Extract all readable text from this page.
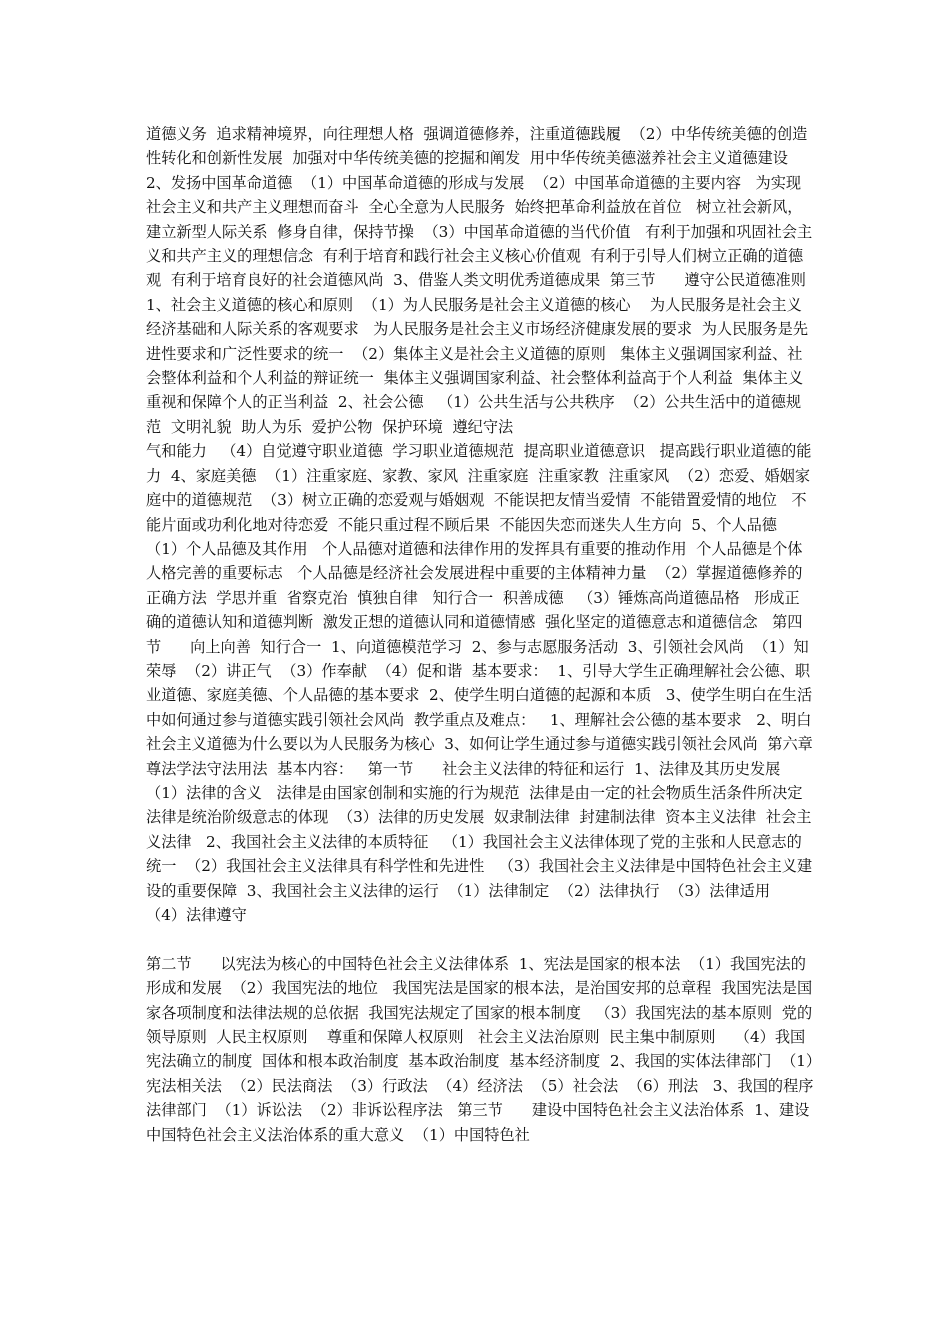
道德义务  追求精神境界，向往理想人格  强调道德修养，注重道德践履  （2）中华传统美德的创造性转化和创新性发展  加强对中华传统美德的挖掘和阐发  用中华传统美德滋养社会主义道德建设  2、发扬中国革命道德  （1）中国革命道德的形成与发展  （2）中国革命道德的主要内容   为实现社会主义和共产主义理想而奋斗  全心全意为人民服务  始终把革命利益放在首位   树立社会新风，建立新型人际关系  修身自律，保持节操  （3）中国革命道德的当代价值   有利于加强和巩固社会主义和共产主义的理想信念  有利于培育和践行社会主义核心价值观  有利于引导人们树立正确的道德观  有利于培育良好的社会道德风尚  3、借鉴人类文明优秀道德成果  第三节      遵守公民道德准则  1、社会主义道德的核心和原则  （1）为人民服务是社会主义道德的核心    为人民服务是社会主义经济基础和人际关系的客观要求   为人民服务是社会主义市场经济健康发展的要求  为人民服务是先进性要求和广泛性要求的统一  （2）集体主义是社会主义道德的原则   集体主义强调国家利益、社会整体利益和个人利益的辩证统一  集体主义强调国家利益、社会整体利益高于个人利益  集体主义重视和保障个人的正当利益  2、社会公德   （1）公共生活与公共秩序  （2）公共生活中的道德规范  文明礼貌  助人为乐  爱护公物  保护环境  遵纪守法

气和能力   （4）自觉遵守职业道德  学习职业道德规范  提高职业道德意识   提高践行职业道德的能力  4、家庭美德  （1）注重家庭、家教、家风  注重家庭  注重家教  注重家风  （2）恋爱、婚姻家庭中的道德规范  （3）树立正确的恋爱观与婚姻观  不能误把友情当爱情  不能错置爱情的地位   不能片面或功利化地对待恋爱  不能只重过程不顾后果  不能因失恋而迷失人生方向  5、个人品德   （1）个人品德及其作用   个人品德对道德和法律作用的发挥具有重要的推动作用  个人品德是个体人格完善的重要标志   个人品德是经济社会发展进程中重要的主体精神力量  （2）掌握道德修养的正确方法  学思并重  省察克治  慎独自律   知行合一  积善成德   （3）锤炼高尚道德品格   形成正确的道德认知和道德判断  激发正想的道德认同和道德情感  强化坚定的道德意志和道德信念   第四节      向上向善  知行合一  1、向道德模范学习  2、参与志愿服务活动  3、引领社会风尚  （1）知荣辱  （2）讲正气  （3）作奉献  （4）促和谐  基本要求：  1、引导大学生正确理解社会公德、职业道德、家庭美德、个人品德的基本要求  2、使学生明白道德的起源和本质   3、使学生明白在生活中如何通过参与道德实践引领社会风尚  教学重点及难点：   1、理解社会公德的基本要求   2、明白社会主义道德为什么要以为人民服务为核心  3、如何让学生通过参与道德实践引领社会风尚  第六章    尊法学法守法用法  基本内容：   第一节      社会主义法律的特征和运行  1、法律及其历史发展  （1）法律的含义   法律是由国家创制和实施的行为规范  法律是由一定的社会物质生活条件所决定  法律是统治阶级意志的体现  （3）法律的历史发展  奴隶制法律  封建制法律  资本主义法律  社会主义法律   2、我国社会主义法律的本质特征   （1）我国社会主义法律体现了党的主张和人民意志的统一  （2）我国社会主义法律具有科学性和先进性   （3）我国社会主义法律是中国特色社会主义建设的重要保障  3、我国社会主义法律的运行  （1）法律制定  （2）法律执行  （3）法律适用   （4）法律遵守

第二节      以宪法为核心的中国特色社会主义法律体系  1、宪法是国家的根本法  （1）我国宪法的形成和发展  （2）我国宪法的地位   我国宪法是国家的根本法，是治国安邦的总章程  我国宪法是国家各项制度和法律法规的总依据  我国宪法规定了国家的根本制度   （3）我国宪法的基本原则  党的领导原则  人民主权原则    尊重和保障人权原则   社会主义法治原则  民主集中制原则    （4）我国宪法确立的制度  国体和根本政治制度  基本政治制度  基本经济制度  2、我国的实体法律部门  （1）宪法相关法  （2）民法商法  （3）行政法  （4）经济法  （5）社会法  （6）刑法   3、我国的程序法律部门  （1）诉讼法  （2）非诉讼程序法   第三节      建设中国特色社会主义法治体系  1、建设中国特色社会主义法治体系的重大意义  （1）中国特色社
